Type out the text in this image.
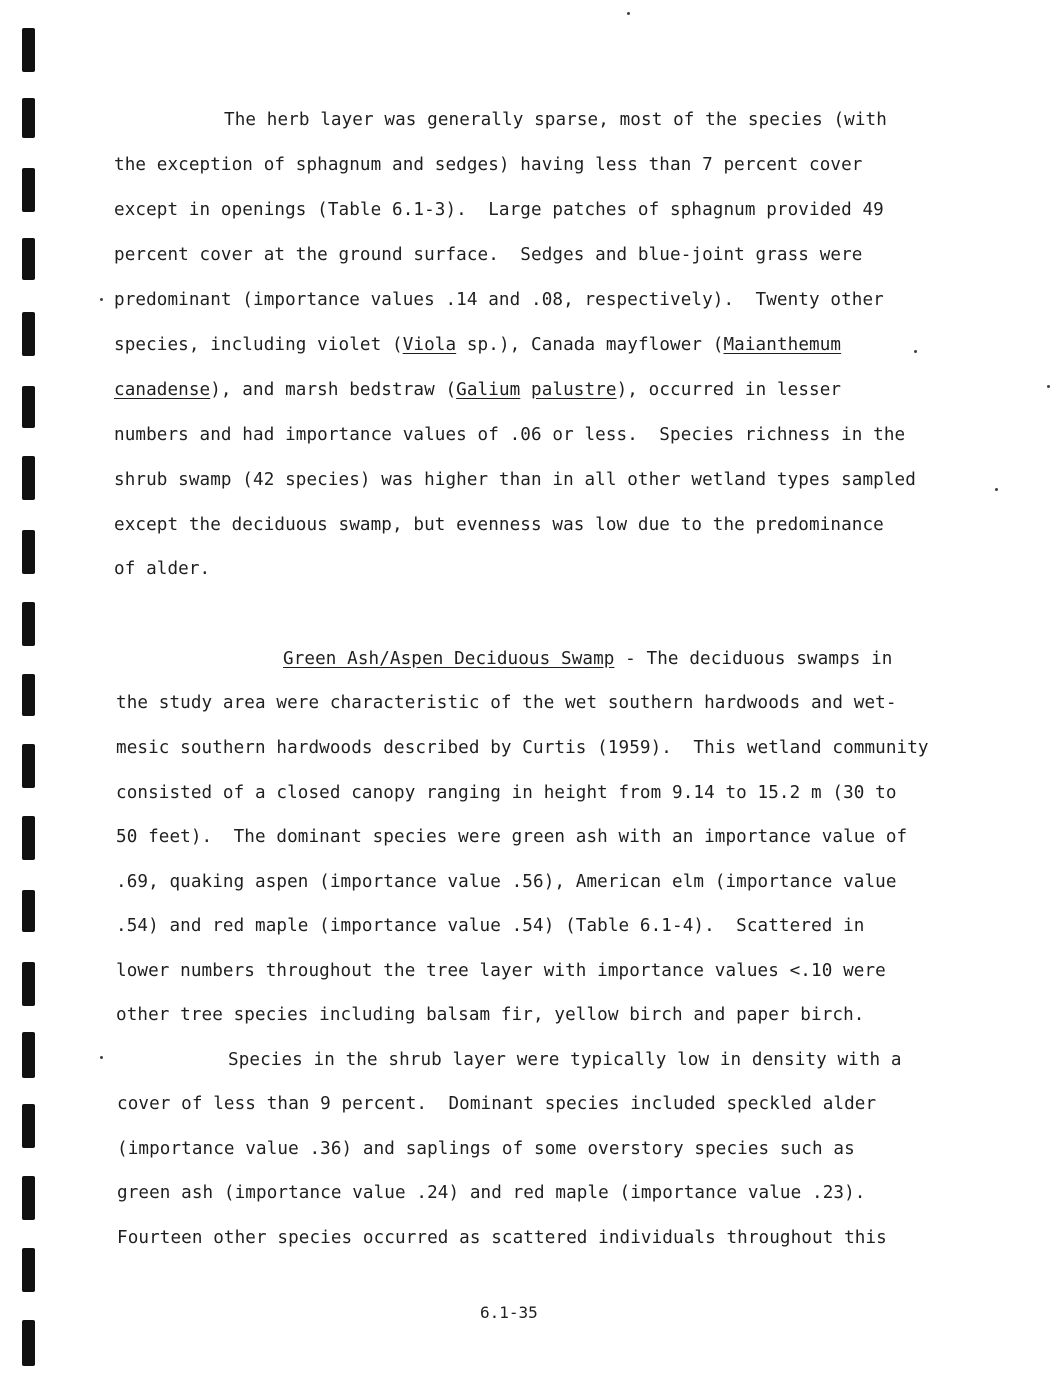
The herb layer was generally sparse, most of the species (with
the exception of sphagnum and sedges) having less than 7 percent cover
except in openings (Table 6.1-3).  Large patches of sphagnum provided 49
percent cover at the ground surface.  Sedges and blue-joint grass were
predominant (importance values .14 and .08, respectively).  Twenty other
species, including violet (Viola sp.), Canada mayflower (Maianthemum
canadense), and marsh bedstraw (Galium palustre), occurred in lesser
numbers and had importance values of .06 or less.  Species richness in the
shrub swamp (42 species) was higher than in all other wetland types sampled
except the deciduous swamp, but evenness was low due to the predominance
of alder.
Green Ash/Aspen Deciduous Swamp - The deciduous swamps in
the study area were characteristic of the wet southern hardwoods and wet-
mesic southern hardwoods described by Curtis (1959).  This wetland community
consisted of a closed canopy ranging in height from 9.14 to 15.2 m (30 to
50 feet).  The dominant species were green ash with an importance value of
.69, quaking aspen (importance value .56), American elm (importance value
.54) and red maple (importance value .54) (Table 6.1-4).  Scattered in
lower numbers throughout the tree layer with importance values <.10 were
other tree species including balsam fir, yellow birch and paper birch.
Species in the shrub layer were typically low in density with a
cover of less than 9 percent.  Dominant species included speckled alder
(importance value .36) and saplings of some overstory species such as
green ash (importance value .24) and red maple (importance value .23).
Fourteen other species occurred as scattered individuals throughout this
6.1-35
